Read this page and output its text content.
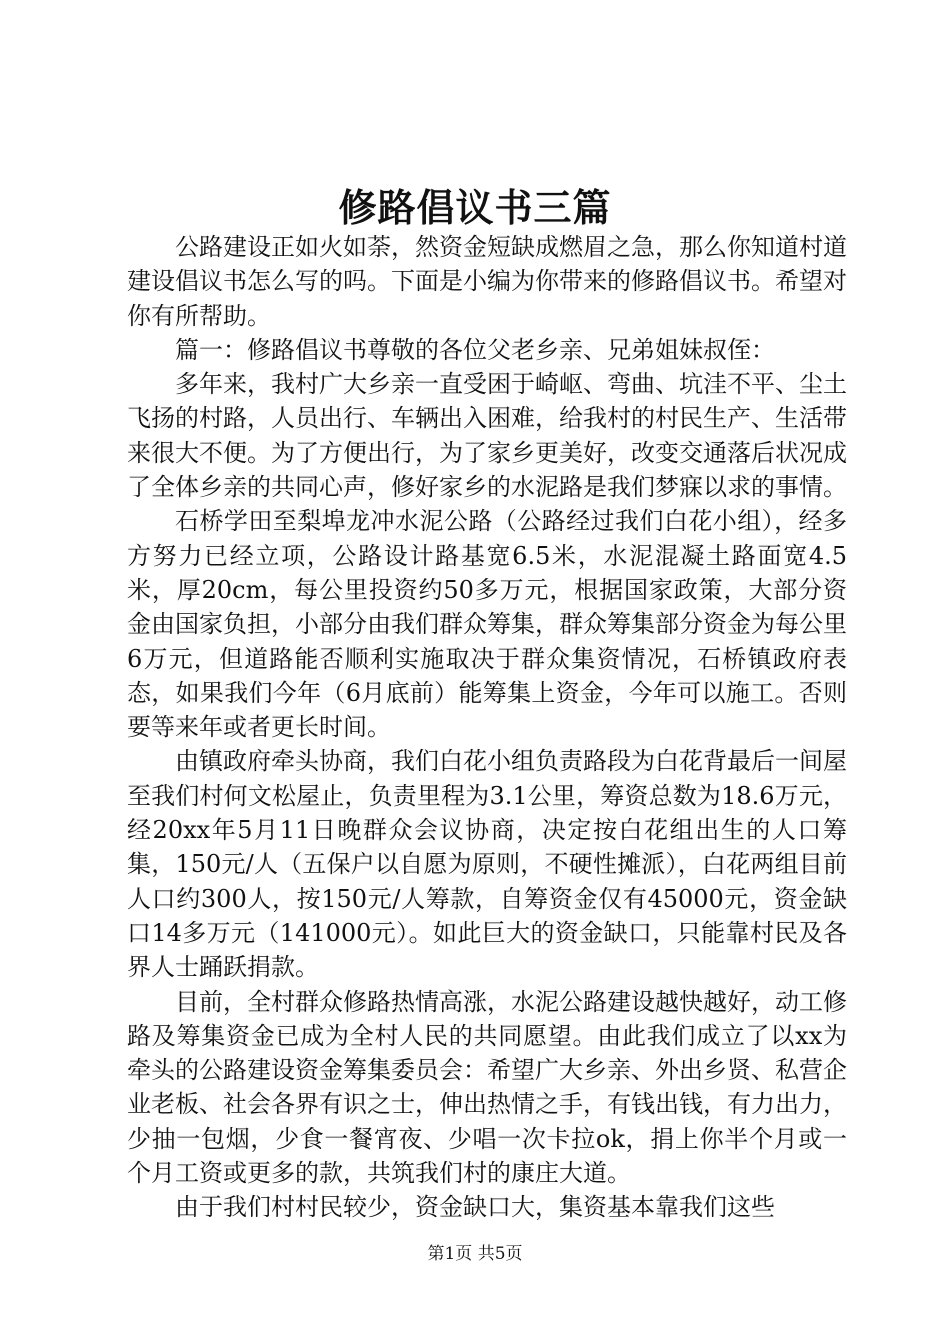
修路倡议书三篇

公路建设正如火如荼，然资金短缺成燃眉之急，那么你知道村道建设倡议书怎么写的吗。下面是小编为你带来的修路倡议书。希望对你有所帮助。

篇一：修路倡议书尊敬的各位父老乡亲、兄弟姐妹叔侄：

多年来，我村广大乡亲一直受困于崎岖、弯曲、坑洼不平、尘土飞扬的村路，人员出行、车辆出入困难，给我村的村民生产、生活带来很大不便。为了方便出行，为了家乡更美好，改变交通落后状况成了全体乡亲的共同心声，修好家乡的水泥路是我们梦寐以求的事情。

石桥学田至梨埠龙冲水泥公路（公路经过我们白花小组），经多方努力已经立项，公路设计路基宽6.5米，水泥混凝土路面宽4.5米，厚20cm，每公里投资约50多万元，根据国家政策，大部分资金由国家负担，小部分由我们群众筹集，群众筹集部分资金为每公里6万元，但道路能否顺利实施取决于群众集资情况，石桥镇政府表态，如果我们今年（6月底前）能筹集上资金，今年可以施工。否则要等来年或者更长时间。

由镇政府牵头协商，我们白花小组负责路段为白花背最后一间屋至我们村何文松屋止，负责里程为3.1公里，筹资总数为18.6万元，经20xx年5月11日晚群众会议协商，决定按白花组出生的人口筹集，150元/人（五保户以自愿为原则，不硬性摊派），白花两组目前人口约300人，按150元/人筹款，自筹资金仅有45000元，资金缺口14多万元（141000元）。如此巨大的资金缺口，只能靠村民及各界人士踊跃捐款。

目前，全村群众修路热情高涨，水泥公路建设越快越好，动工修路及筹集资金已成为全村人民的共同愿望。由此我们成立了以xx为牵头的公路建设资金筹集委员会：希望广大乡亲、外出乡贤、私营企业老板、社会各界有识之士，伸出热情之手，有钱出钱，有力出力，少抽一包烟，少食一餐宵夜、少唱一次卡拉ok，捐上你半个月或一个月工资或更多的款，共筑我们村的康庄大道。

由于我们村村民较少，资金缺口大，集资基本靠我们这些

第1页 共5页
